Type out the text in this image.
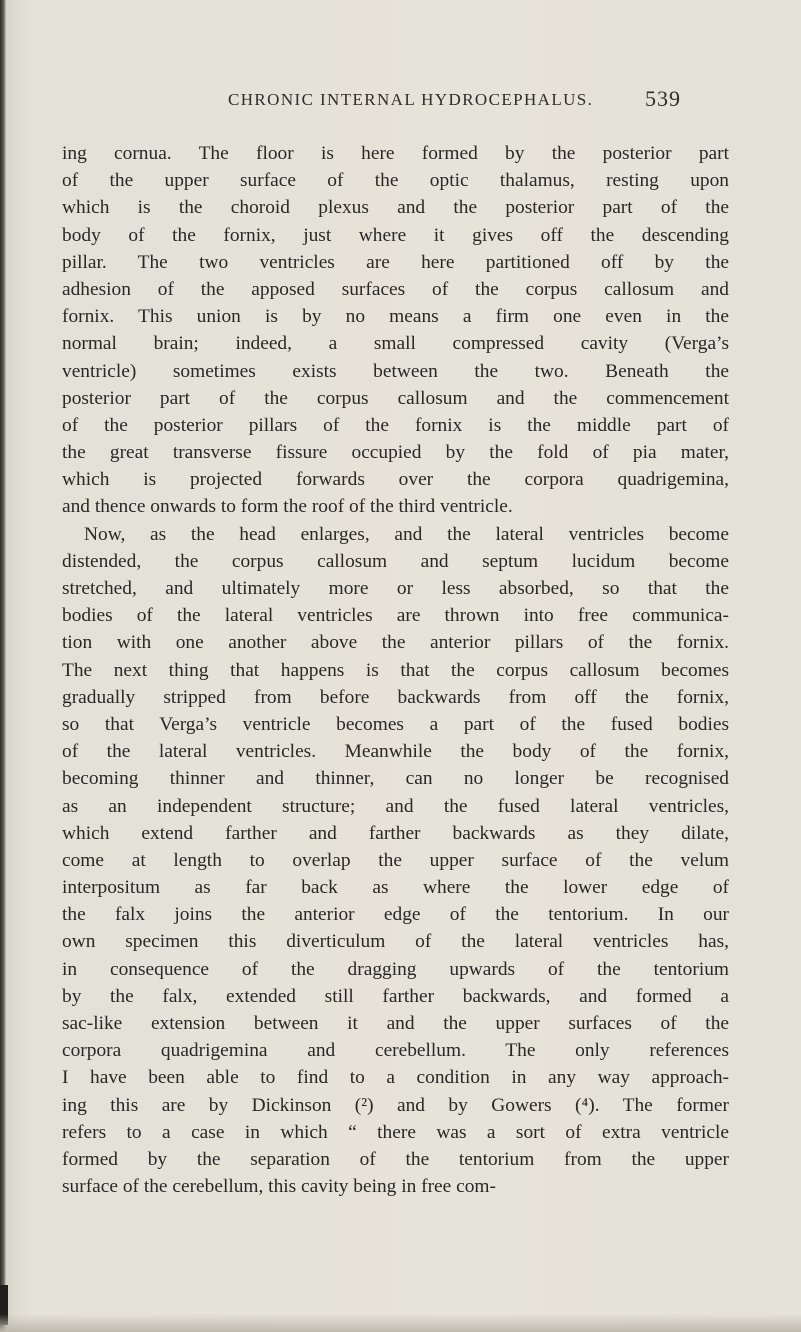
CHRONIC INTERNAL HYDROCEPHALUS. 539
ing cornua. The floor is here formed by the posterior part
of the upper surface of the optic thalamus, resting upon
which is the choroid plexus and the posterior part of the
body of the fornix, just where it gives off the descending
pillar. The two ventricles are here partitioned off by the
adhesion of the apposed surfaces of the corpus callosum and
fornix. This union is by no means a firm one even in the
normal brain; indeed, a small compressed cavity (Verga’s
ventricle) sometimes exists between the two. Beneath the
posterior part of the corpus callosum and the commencement
of the posterior pillars of the fornix is the middle part of
the great transverse fissure occupied by the fold of pia mater,
which is projected forwards over the corpora quadrigemina,
and thence onwards to form the roof of the third ventricle.
Now, as the head enlarges, and the lateral ventricles become
distended, the corpus callosum and septum lucidum become
stretched, and ultimately more or less absorbed, so that the
bodies of the lateral ventricles are thrown into free communica-
tion with one another above the anterior pillars of the fornix.
The next thing that happens is that the corpus callosum becomes
gradually stripped from before backwards from off the fornix,
so that Verga’s ventricle becomes a part of the fused bodies
of the lateral ventricles. Meanwhile the body of the fornix,
becoming thinner and thinner, can no longer be recognised
as an independent structure; and the fused lateral ventricles,
which extend farther and farther backwards as they dilate,
come at length to overlap the upper surface of the velum
interpositum as far back as where the lower edge of
the falx joins the anterior edge of the tentorium. In our
own specimen this diverticulum of the lateral ventricles has,
in consequence of the dragging upwards of the tentorium
by the falx, extended still farther backwards, and formed a
sac-like extension between it and the upper surfaces of the
corpora quadrigemina and cerebellum. The only references
I have been able to find to a condition in any way approach-
ing this are by Dickinson (²) and by Gowers (⁴). The former
refers to a case in which “ there was a sort of extra ventricle
formed by the separation of the tentorium from the upper
surface of the cerebellum, this cavity being in free com-
